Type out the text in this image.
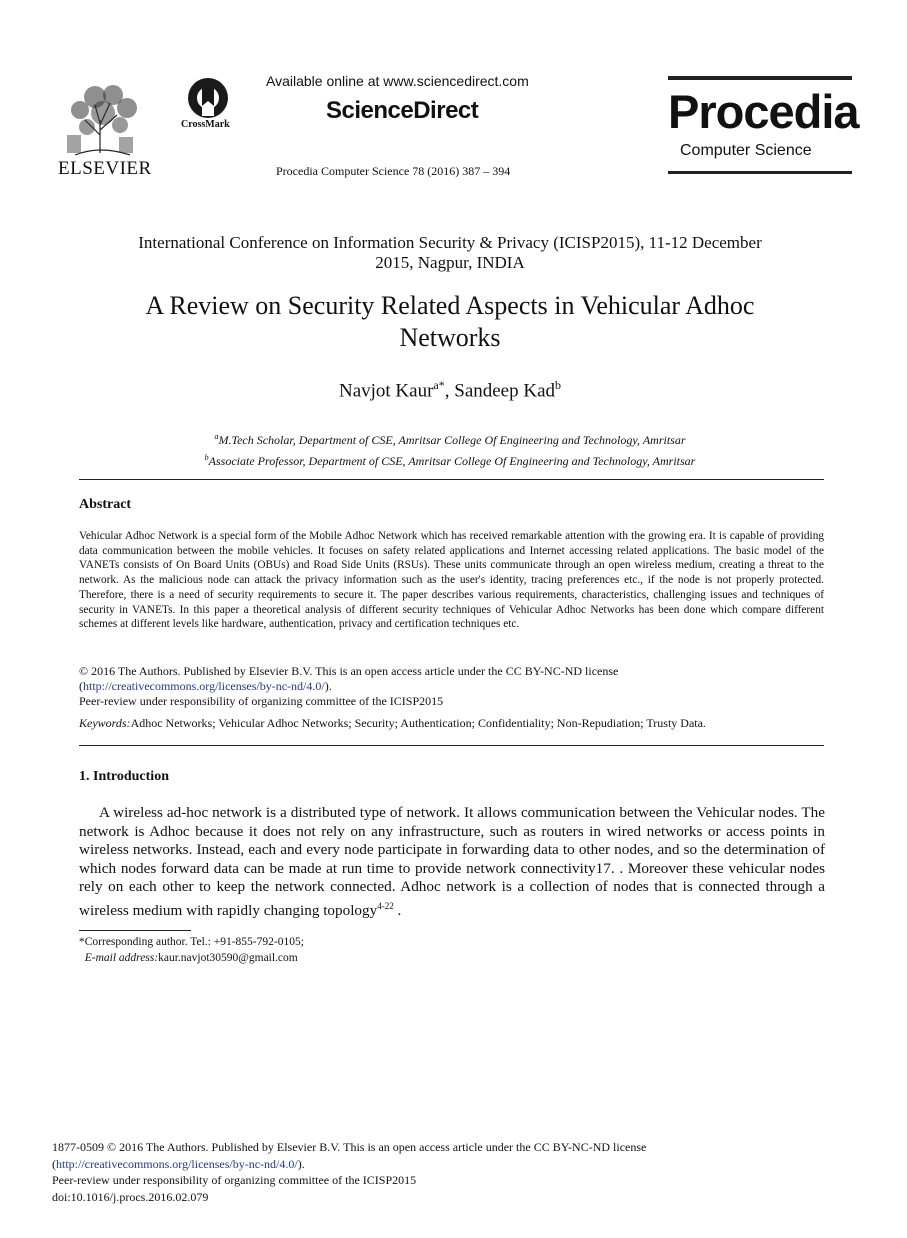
ELSEVIER
CrossMark
Available online at www.sciencedirect.com
ScienceDirect
Procedia Computer Science 78 (2016) 387 – 394
Procedia
Computer Science
International Conference on Information Security & Privacy (ICISP2015), 11-12 December
2015, Nagpur, INDIA
A Review on Security Related Aspects in Vehicular Adhoc
Networks
Navjot Kaur$^{a*}$, Sandeep Kad$^b$
$^a$M.Tech Scholar, Department of CSE, Amritsar College Of Engineering and Technology, Amritsar
$^b$Associate Professor, Department of CSE, Amritsar College Of Engineering and Technology, Amritsar
Abstract
Vehicular Adhoc Network is a special form of the Mobile Adhoc Network which has received remarkable attention with the growing era. It is capable of providing data communication between the mobile vehicles. It focuses on safety related applications and Internet accessing related applications. The basic model of the VANETs consists of On Board Units (OBUs) and Road Side Units (RSUs). These units communicate through an open wireless medium, creating a threat to the network. As the malicious node can attack the privacy information such as the user's identity, tracing preferences etc., if the node is not properly protected. Therefore, there is a need of security requirements to secure it. The paper describes various requirements, characteristics, challenging issues and techniques of security in VANETs. In this paper a theoretical analysis of different security techniques of Vehicular Adhoc Networks has been done which compare different schemes at different levels like hardware, authentication, privacy and certification techniques etc.
© 2016 The Authors. Published by Elsevier B.V. This is an open access article under the CC BY-NC-ND license
(http://creativecommons.org/licenses/by-nc-nd/4.0/).
Peer-review under responsibility of organizing committee of the ICISP2015
Keywords:Adhoc Networks; Vehicular Adhoc Networks; Security; Authentication; Confidentiality; Non-Repudiation; Trusty Data.
1. Introduction
A wireless ad-hoc network is a distributed type of network. It allows communication between the Vehicular nodes. The network is Adhoc because it does not rely on any infrastructure, such as routers in wired networks or access points in wireless networks. Instead, each and every node participate in forwarding data to other nodes, and so the determination of which nodes forward data can be made at run time to provide network connectivity17. . Moreover these vehicular nodes rely on each other to keep the network connected. Adhoc network is a collection of nodes that is connected through a wireless medium with rapidly changing topology$^{4-22}$ .
*Corresponding author. Tel.: +91-855-792-0105;
E-mail address:kaur.navjot30590@gmail.com
1877-0509 © 2016 The Authors. Published by Elsevier B.V. This is an open access article under the CC BY-NC-ND license
(http://creativecommons.org/licenses/by-nc-nd/4.0/).
Peer-review under responsibility of organizing committee of the ICISP2015
doi:10.1016/j.procs.2016.02.079
